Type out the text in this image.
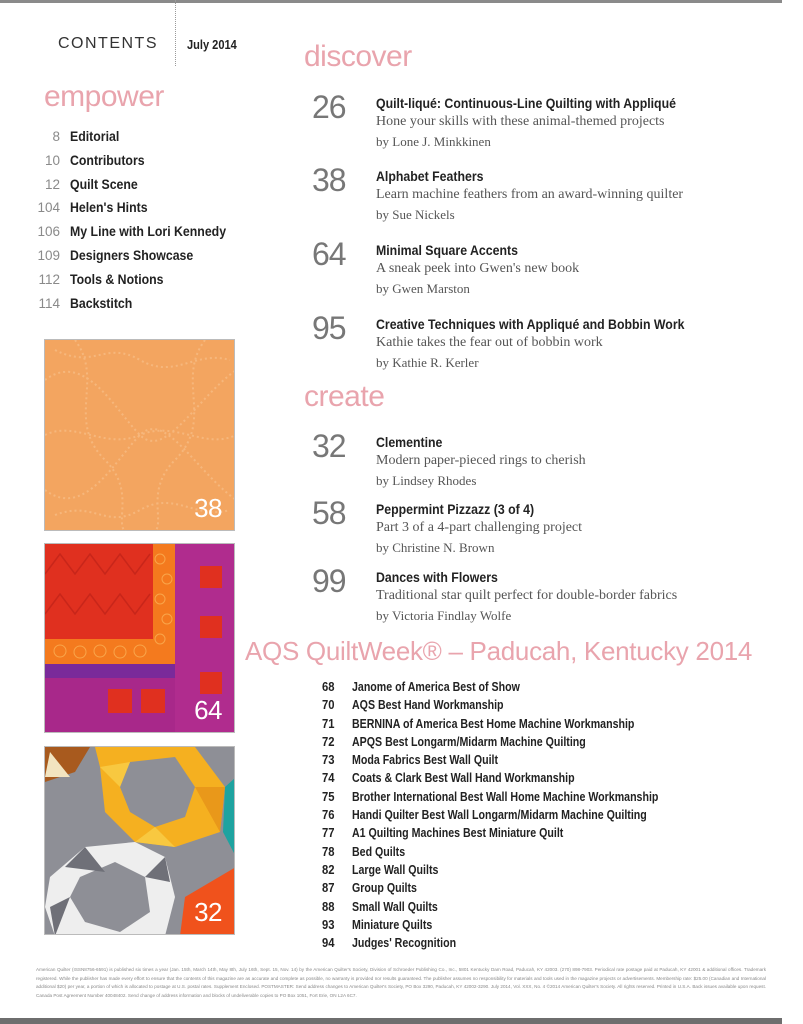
CONTENTS July 2014
empower
8 Editorial
10 Contributors
12 Quilt Scene
104 Helen's Hints
106 My Line with Lori Kennedy
109 Designers Showcase
112 Tools & Notions
114 Backstitch
38
64
32
discover
26	Quilt-liqué: Continuous-Line Quilting with Appliqué
Hone your skills with these animal-themed projects
by Lone J. Minkkinen
38	Alphabet Feathers
Learn machine feathers from an award-winning quilter
by Sue Nickels
64	Minimal Square Accents
A sneak peek into Gwen's new book
by Gwen Marston
95	Creative Techniques with Appliqué and Bobbin Work
Kathie takes the fear out of bobbin work
by Kathie R. Kerler
create
32	Clementine
Modern paper-pieced rings to cherish
by Lindsey Rhodes
58	Peppermint Pizzazz (3 of 4)
Part 3 of a 4-part challenging project
by Christine N. Brown
99	Dances with Flowers
Traditional star quilt perfect for double-border fabrics
by Victoria Findlay Wolfe
AQS QuiltWeek® – Paducah, Kentucky 2014
68	Janome of America Best of Show
70	AQS Best Hand Workmanship
71	BERNINA of America Best Home Machine Workmanship
72	APQS Best Longarm/Midarm Machine Quilting
73	Moda Fabrics Best Wall Quilt
74	Coats & Clark Best Wall Hand Workmanship
75	Brother International Best Wall Home Machine Workmanship
76	Handi Quilter Best Wall Longarm/Midarm Machine Quilting
77	A1 Quilting Machines Best Miniature Quilt
78	Bed Quilts
82	Large Wall Quilts
87	Group Quilts
88	Small Wall Quilts
93	Miniature Quilts
94	Judges' Recognition
American Quilter (ISSN8756-6591) is published six times a year (Jan. 15th, March 14th, May 8th, July 16th, Sept. 15, Nov. 14) by the American Quilter's Society, Division of Schroeder Publishing Co., Inc., 5801 Kentucky Dam Road, Paducah, KY 42003. (270) 898-7903. Periodical rate postage paid at Paducah, KY 42001 & additional offices. Trademark registered. While the publisher has made every effort to ensure that the contents of this magazine are as accurate and complete as possible, no warranty is provided nor results guaranteed. The publisher assumes no responsibility for materials and tools used in the magazine projects or advertisements. Membership rate: $25.00 (Canadian and International additional $20) per year, a portion of which is allocated to postage at U.S. postal rates. Supplement Enclosed. POSTMASTER: Send address changes to American Quilter's Society, PO Box 3290, Paducah, KY 42002-3290. July 2014, Vol. XXX, No. 4 ©2014 American Quilter's Society. All rights reserved. Printed in U.S.A. Back issues available upon request. Canada Post Agreement Number 40048402. Send change of address information and blocks of undeliverable copies to PO Box 1051, Fort Erie, ON L2A 6C7.
